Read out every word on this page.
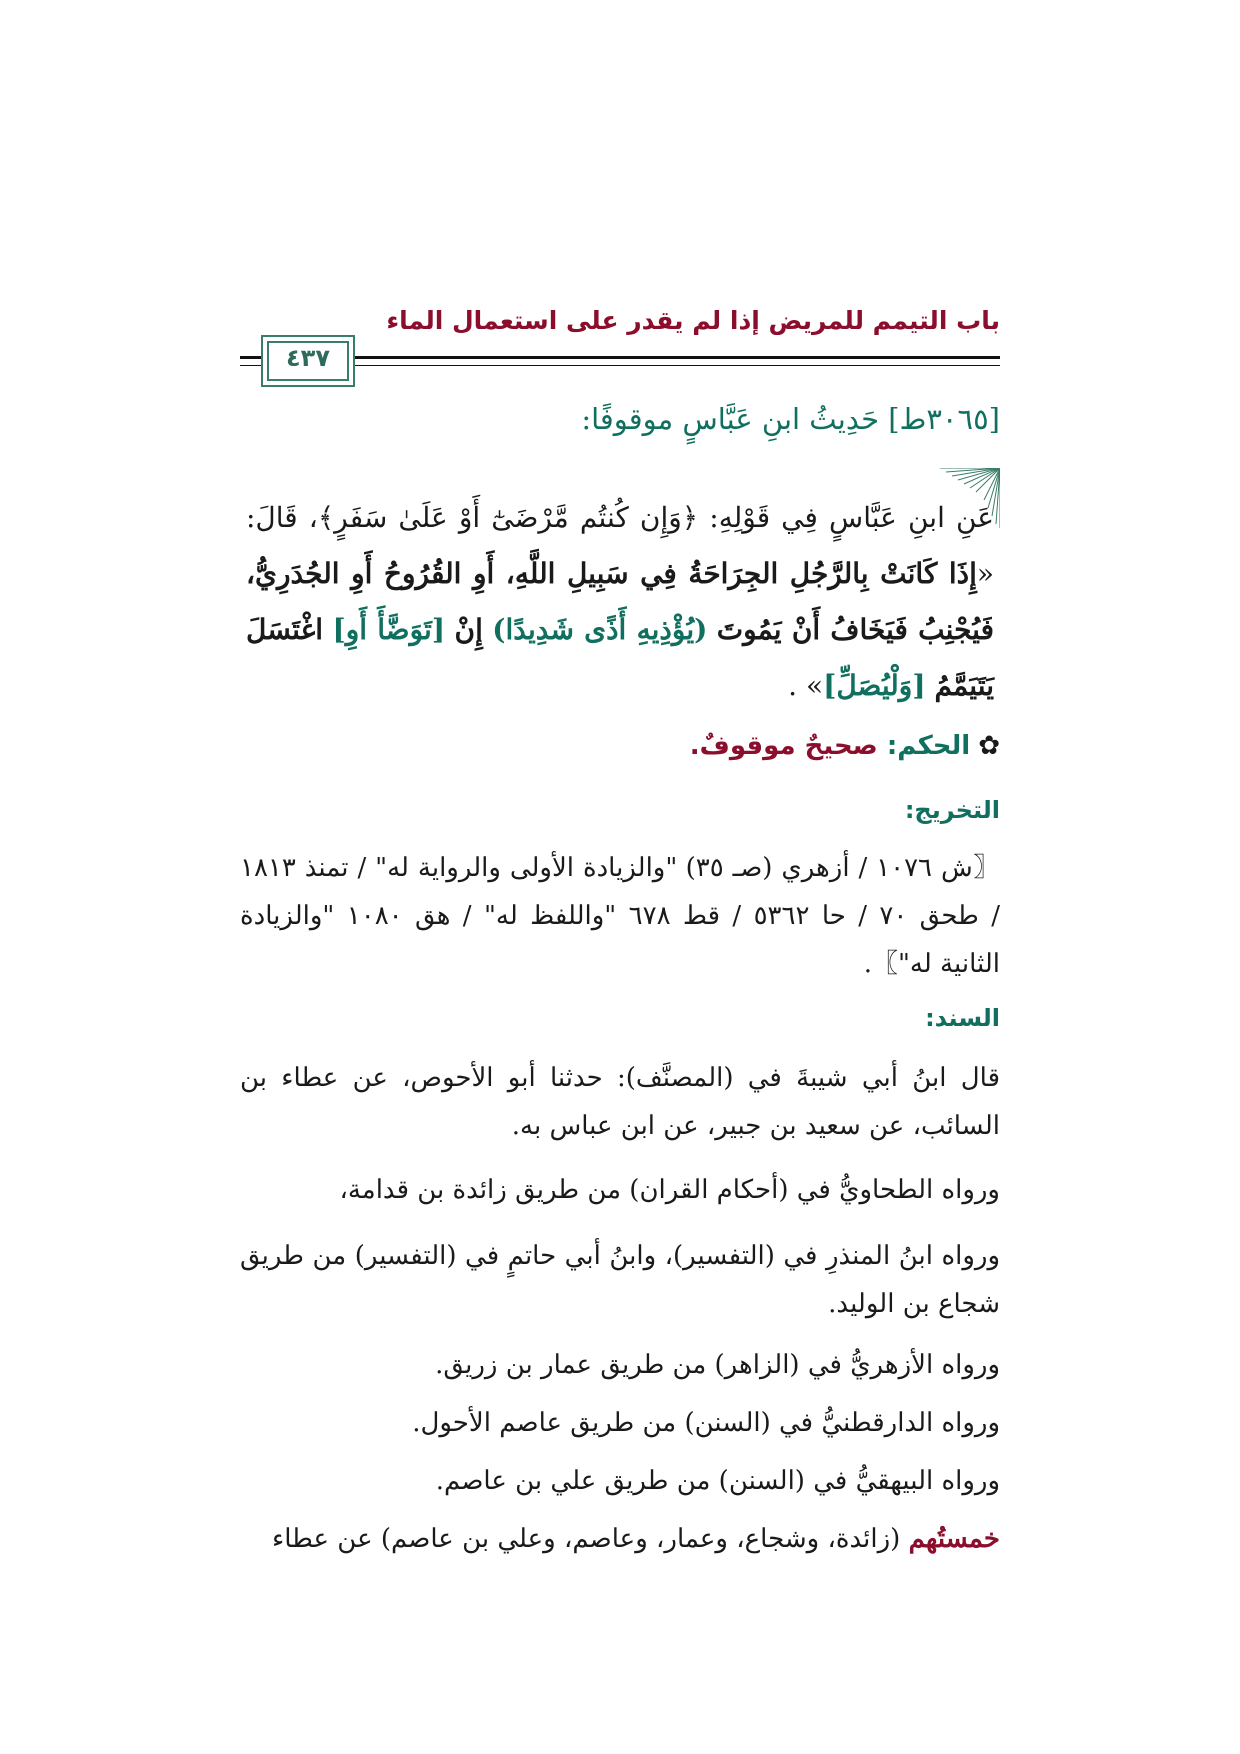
باب التيمم للمريض إذا لم يقدر على استعمال الماء
٤٣٧
[٣٠٦٥ط] حَدِيثُ ابنِ عَبَّاسٍ موقوفًا:
عَنِ ابنِ عَبَّاسٍ فِي قَوْلِهِ: ﴿وَإِن كُنتُم مَّرْضَىٰٓ أَوْ عَلَىٰ سَفَرٍ﴾، قَالَ: «إِذَا كَانَتْ بِالرَّجُلِ الجِرَاحَةُ فِي سَبِيلِ اللَّهِ، أَوِ القُرُوحُ أَوِ الجُدَرِيُّ، فَيُجْنِبُ فَيَخَافُ أَنْ يَمُوتَ (يُؤْذِيهِ أَذًى شَدِيدًا) إِنْ [تَوَضَّأَ أَوِ] اغْتَسَلَ يَتَيَمَّمُ [وَلْيُصَلِّ]» .
✿الحكم: صحيحٌ موقوفٌ.
التخريج:
〖ش ١٠٧٦ / أزهري (صـ ٣٥) "والزيادة الأولى والرواية له" / تمنذ ١٨١٣ / طحق ٧٠ / حا ٥٣٦٢ / قط ٦٧٨ "واللفظ له" / هق ١٠٨٠ "والزيادة الثانية له"〗.
السند:
قال ابنُ أبي شيبةَ في (المصنَّف): حدثنا أبو الأحوص، عن عطاء بن السائب، عن سعيد بن جبير، عن ابن عباس به.
ورواه الطحاويُّ في (أحكام القران) من طريق زائدة بن قدامة،
ورواه ابنُ المنذرِ في (التفسير)، وابنُ أبي حاتمٍ في (التفسير) من طريق شجاع بن الوليد.
ورواه الأزهريُّ في (الزاهر) من طريق عمار بن زريق.
ورواه الدارقطنيُّ في (السنن) من طريق عاصم الأحول.
ورواه البيهقيُّ في (السنن) من طريق علي بن عاصم.
خمستُهم (زائدة، وشجاع، وعمار، وعاصم، وعلي بن عاصم) عن عطاء
